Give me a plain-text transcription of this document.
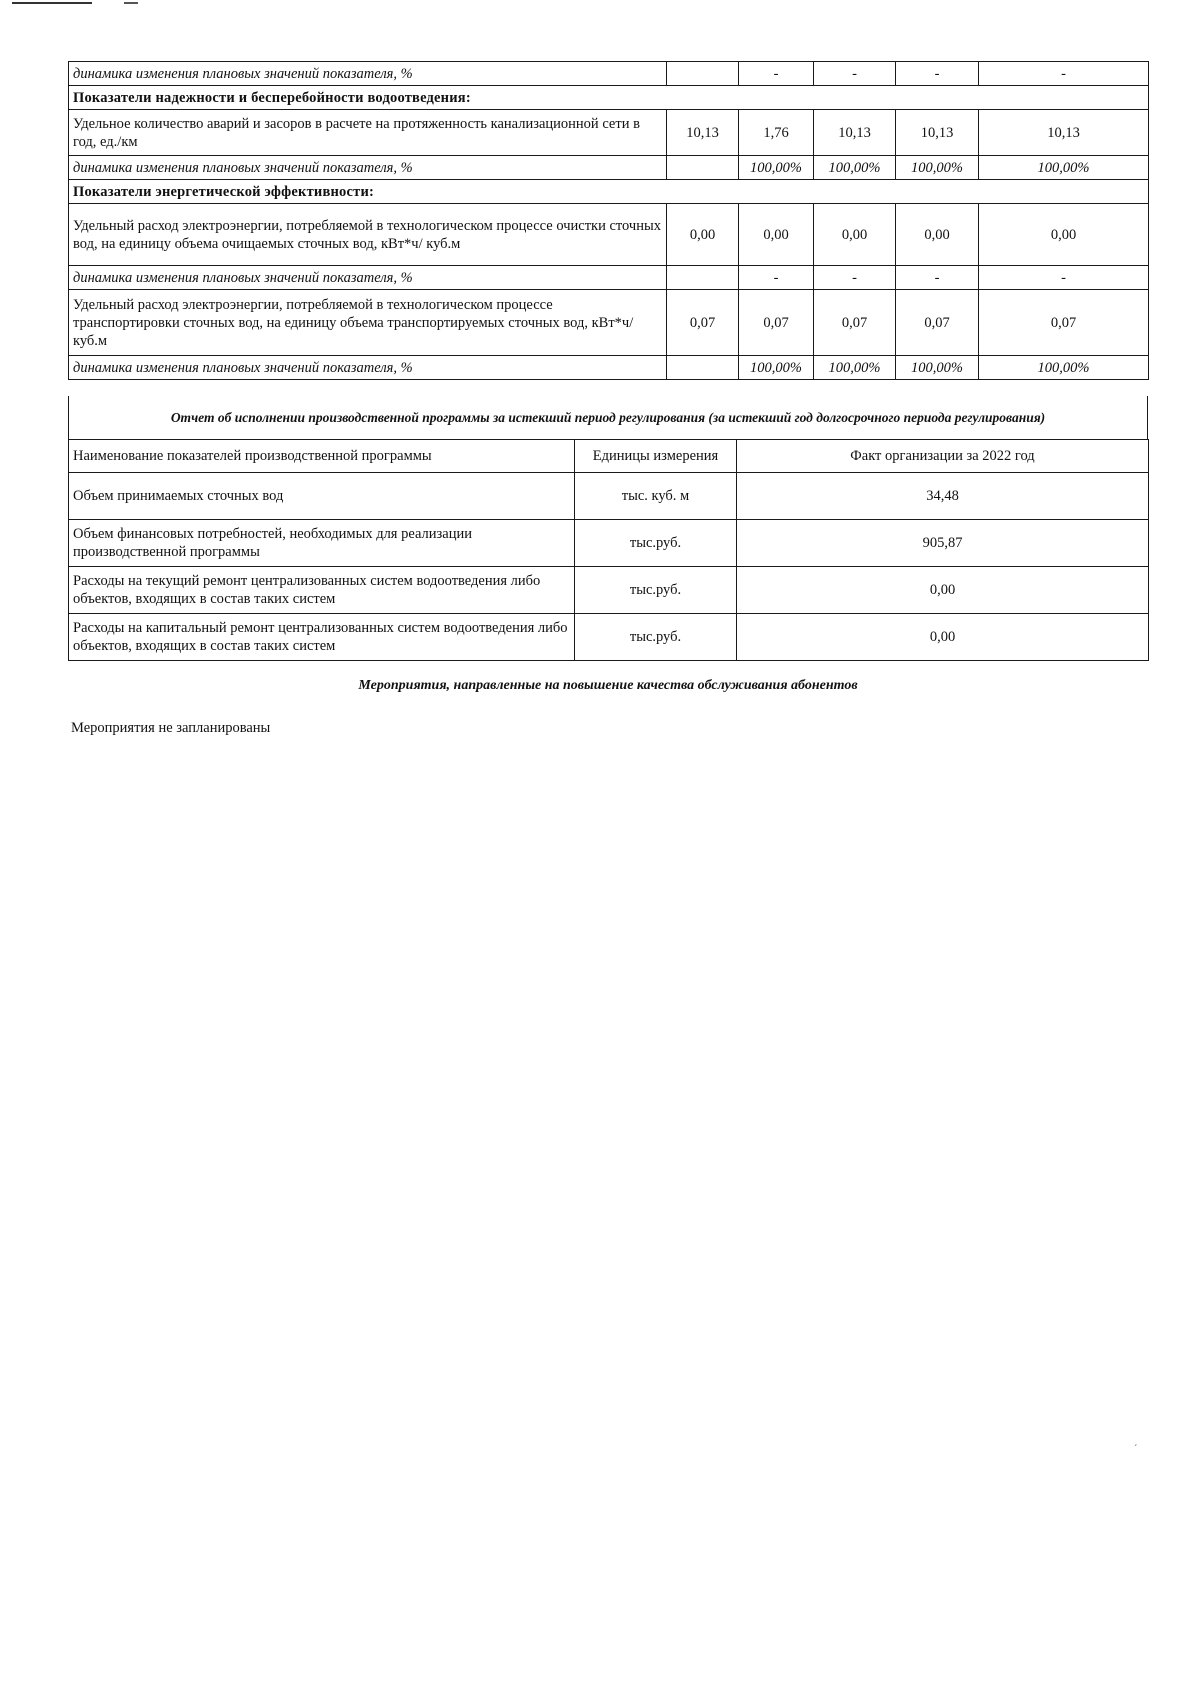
динамика изменения плановых значений показателя, %		-	-	-	-
Показатели надежности и бесперебойности водоотведения:					
Удельное количество аварий и засоров в расчете на протяженность канализационной сети в год, ед./км	10,13	1,76	10,13	10,13	10,13
динамика изменения плановых значений показателя, %		100,00%	100,00%	100,00%	100,00%
Показатели энергетической эффективности:					
Удельный расход электроэнергии, потребляемой в технологическом процессе очистки сточных вод, на единицу объема очищаемых сточных вод, кВт*ч/ куб.м	0,00	0,00	0,00	0,00	0,00
динамика изменения плановых значений показателя, %		-	-	-	-
Удельный расход электроэнергии, потребляемой в технологическом процессе транспортировки сточных вод, на единицу объема транспортируемых сточных вод, кВт*ч/ куб.м	0,07	0,07	0,07	0,07	0,07
динамика изменения плановых значений показателя, %		100,00%	100,00%	100,00%	100,00%
Отчет об исполнении производственной программы за истекший период регулирования (за истекший год долгосрочного периода регулирования)
Наименование показателей производственной программы	Единицы измерения	Факт организации за 2022 год
Объем принимаемых сточных вод	тыс. куб. м	34,48
Объем финансовых потребностей, необходимых для реализации производственной программы	тыс.руб.	905,87
Расходы на текущий ремонт централизованных систем водоотведения либо объектов, входящих в состав таких систем	тыс.руб.	0,00
Расходы на капитальный ремонт централизованных систем водоотведения либо объектов, входящих в состав таких систем	тыс.руб.	0,00
Мероприятия, направленные на повышение качества обслуживания абонентов
Мероприятия не запланированы
´
